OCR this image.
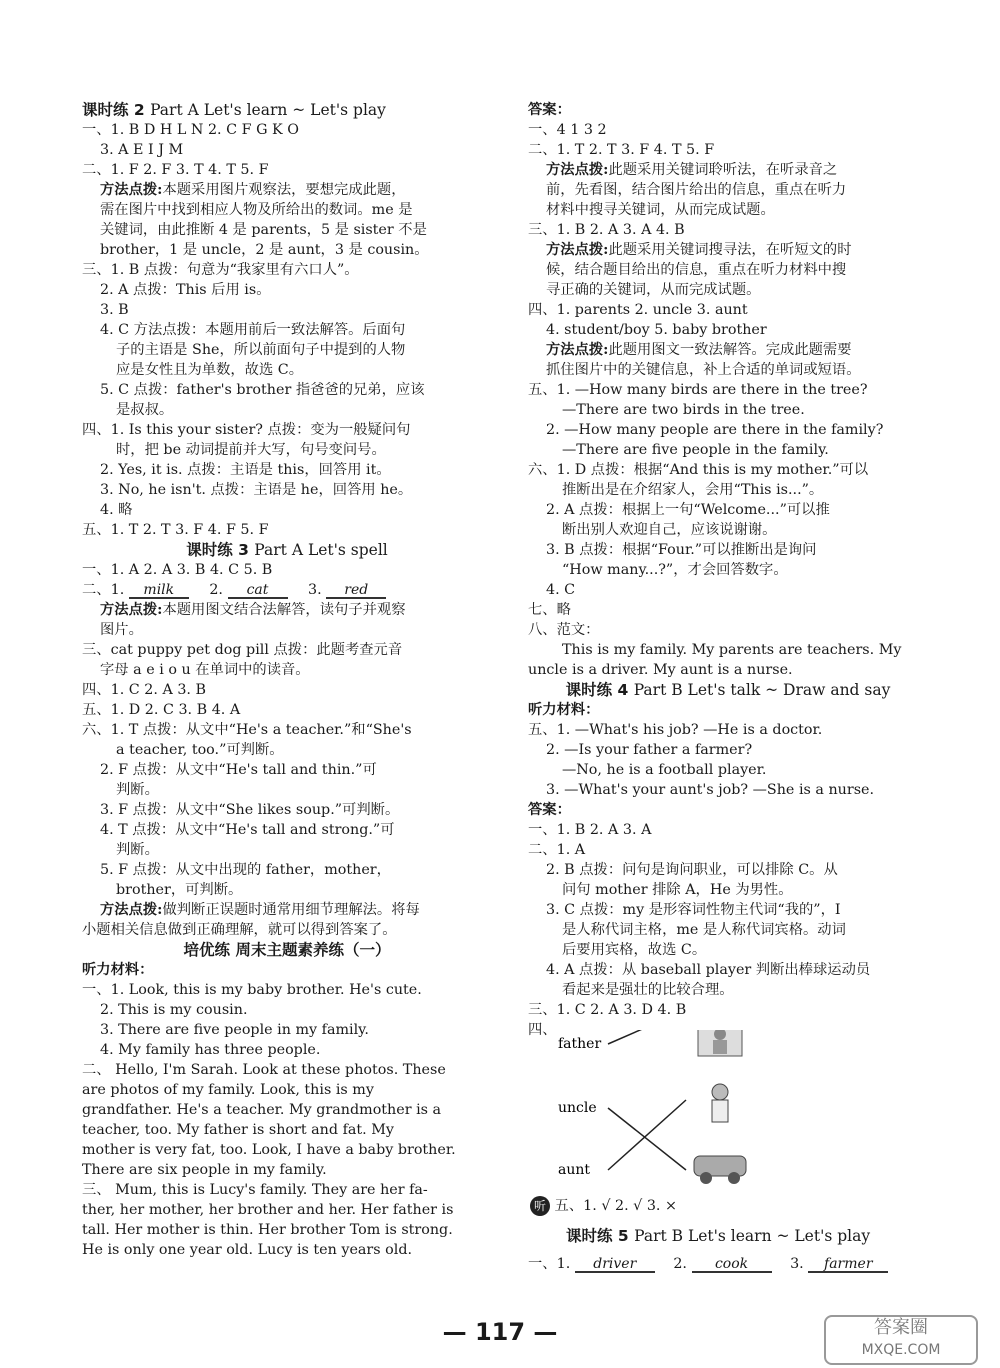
课时练 2 Part A Let's learn ~ Let's play
一、1. B D H L N 2. C F G K O
3. A E I J M
二、1. F 2. F 3. T 4. T 5. F
方法点拨:本题采用图片观察法，要想完成此题，
需在图片中找到相应人物及所给出的数词。me 是
关键词，由此推断 4 是 parents，5 是 sister 不是
brother，1 是 uncle，2 是 aunt，3 是 cousin。
三、1. B 点拨：句意为“我家里有六口人”。
2. A 点拨：This 后用 is。
3. B
4. C 方法点拨：本题用前后一致法解答。后面句
子的主语是 She，所以前面句子中提到的人物
应是女性且为单数，故选 C。
5. C 点拨：father's brother 指爸爸的兄弟，应该
是叔叔。
四、1. Is this your sister? 点拨：变为一般疑问句
时，把 be 动词提前并大写，句号变问号。
2. Yes, it is. 点拨：主语是 this，回答用 it。
3. No, he isn't. 点拨：主语是 he，回答用 he。
4. 略
五、1. T 2. T 3. F 4. F 5. F
课时练 3 Part A Let's spell
一、1. A 2. A 3. B 4. C 5. B
二、1. milk 2. cat 3. red
方法点拨:本题用图文结合法解答，读句子并观察
图片。
三、cat puppy pet dog pill 点拨：此题考查元音
字母 a e i o u 在单词中的读音。
四、1. C 2. A 3. B
五、1. D 2. C 3. B 4. A
六、1. T 点拨：从文中“He's a teacher.”和“She's
a teacher, too.”可判断。
2. F 点拨：从文中“He's tall and thin.”可
判断。
3. F 点拨：从文中“She likes soup.”可判断。
4. T 点拨：从文中“He's tall and strong.”可
判断。
5. F 点拨：从文中出现的 father，mother，
brother，可判断。
方法点拨:做判断正误题时通常用细节理解法。将每
小题相关信息做到正确理解，就可以得到答案了。
培优练 周末主题素养练（一）
听力材料：
一、1. Look, this is my baby brother. He's cute.
2. This is my cousin.
3. There are five people in my family.
4. My family has three people.
二、 Hello, I'm Sarah. Look at these photos. These
are photos of my family. Look, this is my
grandfather. He's a teacher. My grandmother is a
teacher, too. My father is short and fat. My
mother is very fat, too. Look, I have a baby brother.
There are six people in my family.
三、 Mum, this is Lucy's family. They are her fa-
ther, her mother, her brother and her. Her father is
tall. Her mother is thin. Her brother Tom is strong.
He is only one year old. Lucy is ten years old.
答案：
一、4 1 3 2
二、1. T 2. T 3. F 4. T 5. F
方法点拨:此题采用关键词聆听法，在听录音之
前，先看图，结合图片给出的信息，重点在听力
材料中搜寻关键词，从而完成试题。
三、1. B 2. A 3. A 4. B
方法点拨:此题采用关键词搜寻法，在听短文的时
候，结合题目给出的信息，重点在听力材料中搜
寻正确的关键词，从而完成试题。
四、1. parents 2. uncle 3. aunt
4. student/boy 5. baby brother
方法点拨:此题用图文一致法解答。完成此题需要
抓住图片中的关键信息，补上合适的单词或短语。
五、1. —How many birds are there in the tree?
—There are two birds in the tree.
2. —How many people are there in the family?
—There are five people in the family.
六、1. D 点拨：根据“And this is my mother.”可以
推断出是在介绍家人，会用“This is...”。
2. A 点拨：根据上一句“Welcome...”可以推
断出别人欢迎自己，应该说谢谢。
3. B 点拨：根据“Four.”可以推断出是询问
“How many...?”，才会回答数字。
4. C
七、略
八、范文：
This is my family. My parents are teachers. My
uncle is a driver. My aunt is a nurse.
课时练 4 Part B Let's talk ~ Draw and say
听力材料：
五、1. —What's his job? —He is a doctor.
2. —Is your father a farmer?
—No, he is a football player.
3. —What's your aunt's job? —She is a nurse.
答案：
一、1. B 2. A 3. A
二、1. A
2. B 点拨：问句是询问职业，可以排除 C。从
问句 mother 排除 A，He 为男性。
3. C 点拨：my 是形容词性物主代词“我的”，I
是人称代词主格，me 是人称代词宾格。动词
后要用宾格，故选 C。
4. A 点拨：从 baseball player 判断出棒球运动员
看起来是强壮的比较合理。
三、1. C 2. A 3. D 4. B
四、
father
uncle
aunt
听 五、1. √ 2. √ 3. ×
课时练 5 Part B Let's learn ~ Let's play
一、1. driver	2. cook	3. farmer
— 117 —	答案圈
MXQE.COM
